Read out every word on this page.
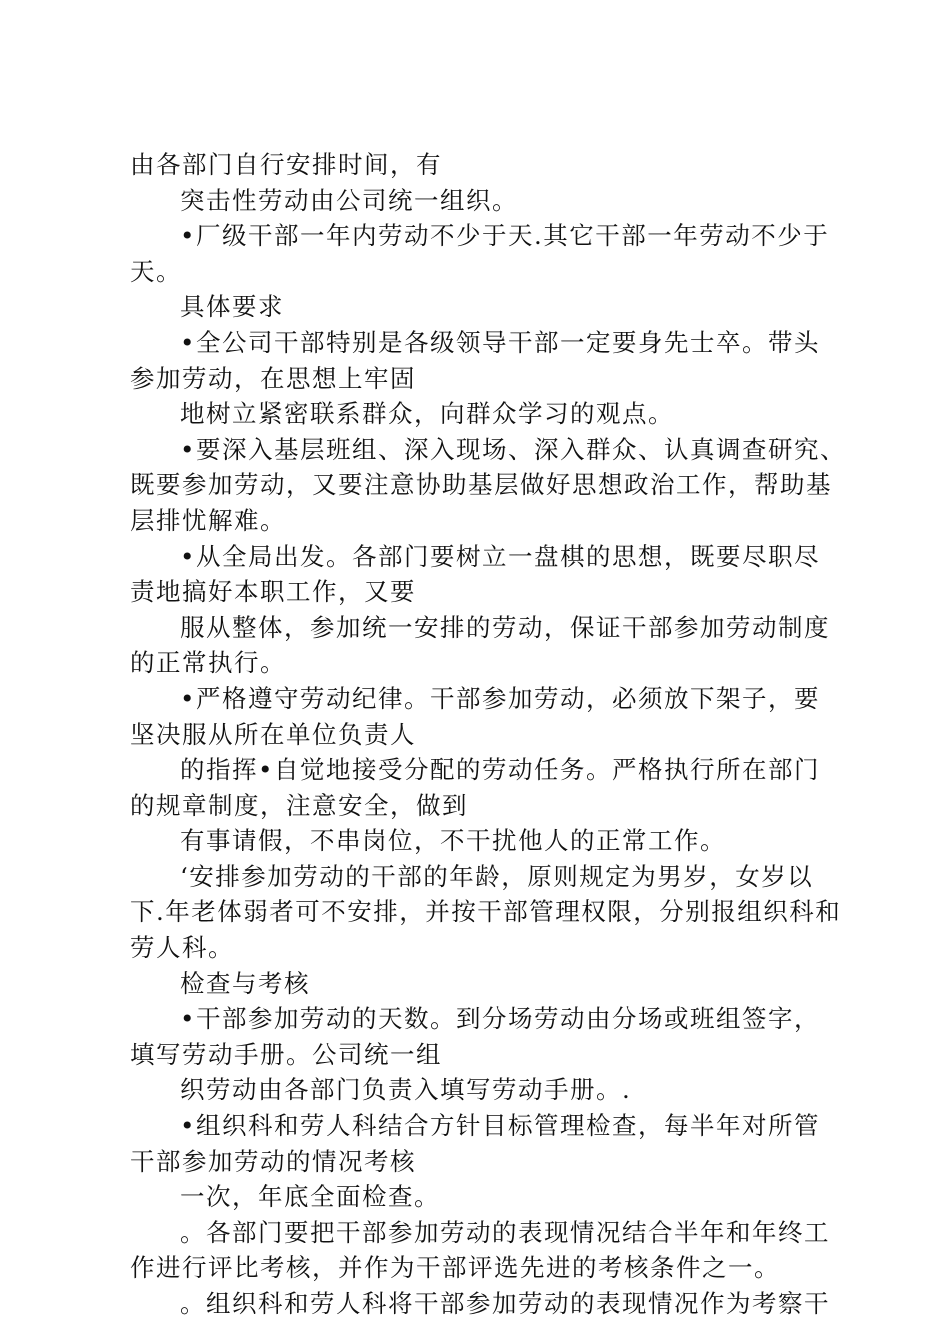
由各部门自行安排时间，有
突击性劳动由公司统一组织。
•厂级干部一年内劳动不少于天.其它干部一年劳动不少于
天。
具体要求
•全公司干部特别是各级领导干部一定要身先士卒。带头
参加劳动，在思想上牢固
地树立紧密联系群众，向群众学习的观点。
•要深入基层班组、深入现场、深入群众、认真调查研究、
既要参加劳动，又要注意协助基层做好思想政治工作，帮助基
层排忧解难。
•从全局出发。各部门要树立一盘棋的思想，既要尽职尽
责地搞好本职工作，又要
服从整体，参加统一安排的劳动，保证干部参加劳动制度
的正常执行。
•严格遵守劳动纪律。干部参加劳动，必须放下架子，要
坚决服从所在单位负责人
的指挥•自觉地接受分配的劳动任务。严格执行所在部门
的规章制度，注意安全，做到
有事请假，不串岗位，不干扰他人的正常工作。
‘安排参加劳动的干部的年龄，原则规定为男岁，女岁以
下.年老体弱者可不安排，并按干部管理权限，分别报组织科和
劳人科。
检查与考核
•干部参加劳动的天数。到分场劳动由分场或班组签字，
填写劳动手册。公司统一组
织劳动由各部门负责入填写劳动手册。.
•组织科和劳人科结合方针目标管理检查，每半年对所管
干部参加劳动的情况考核
一次，年底全面检查。
。各部门要把干部参加劳动的表现情况结合半年和年终工
作进行评比考核，并作为干部评选先进的考核条件之一。
。组织科和劳人科将干部参加劳动的表现情况作为考察干
